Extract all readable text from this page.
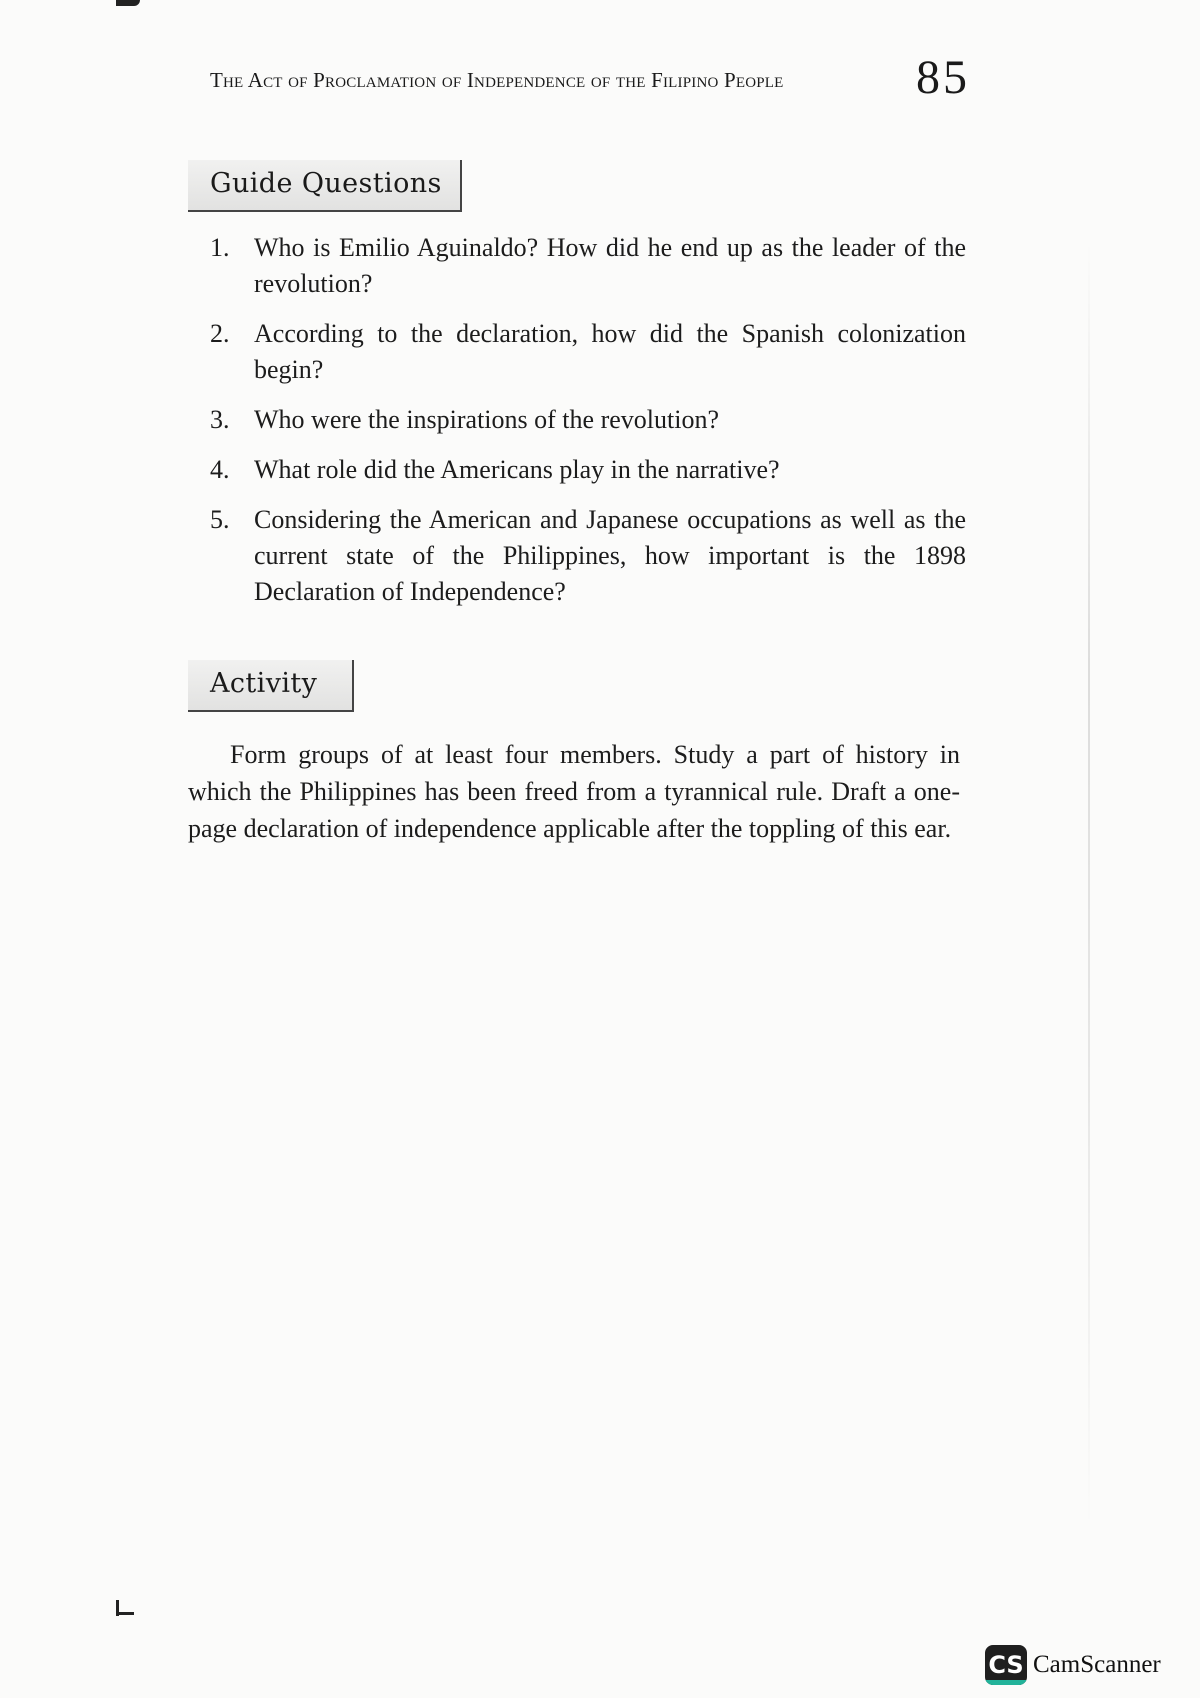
The Act of Proclamation of Independence of the Filipino People	85
Guide Questions
1. Who is Emilio Aguinaldo? How did he end up as the leader of the revolution?
2. According to the declaration, how did the Spanish colonization begin?
3. Who were the inspirations of the revolution?
4. What role did the Americans play in the narrative?
5. Considering the American and Japanese occupations as well as the current state of the Philippines, how important is the 1898 Declaration of Independence?
Activity

Form groups of at least four members. Study a part of history in which the Philippines has been freed from a tyrannical rule. Draft a one-page declaration of independence applicable after the toppling of this ear.

CS CamScanner
